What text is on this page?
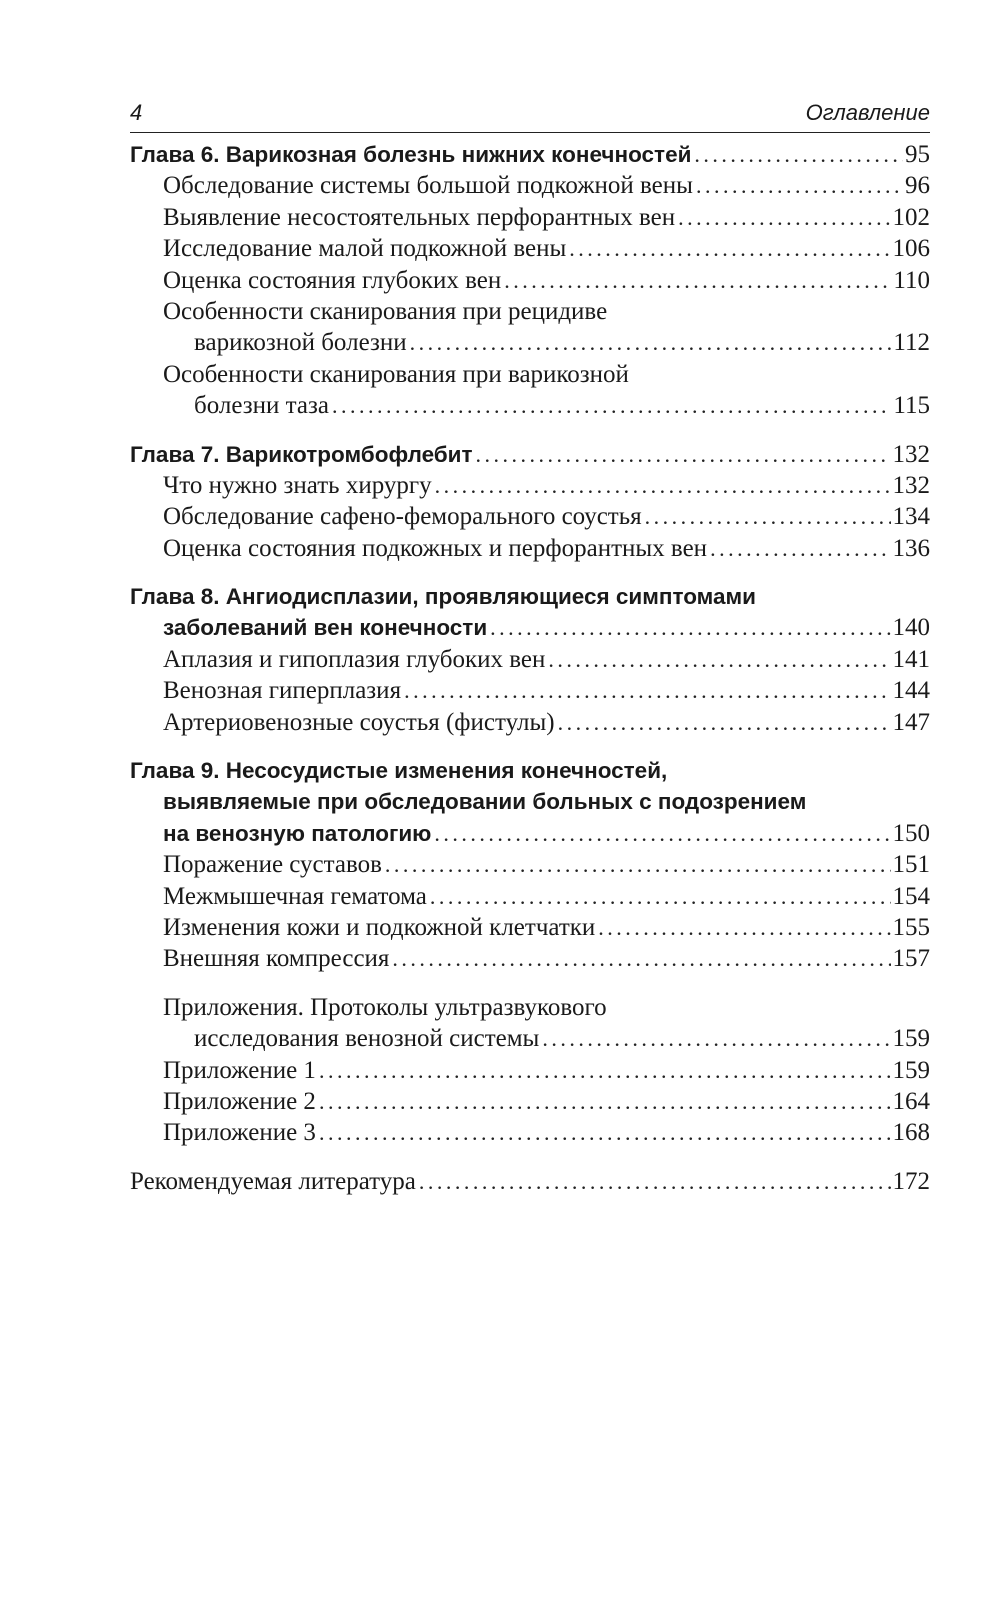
4	Оглавление
Глава 6. Варикозная болезнь нижних конечностей . . .	95
Обследование системы большой подкожной вены . . .	96
Выявление несостоятельных перфорантных вен . . .	102
Исследование малой подкожной вены . . .	106
Оценка состояния глубоких вен . . .	110
Особенности сканирования при рецидиве
варикозной болезни . . .	112
Особенности сканирования при варикозной
болезни таза . . .	115
Глава 7. Варикотромбофлебит . . .	132
Что нужно знать хирургу . . .	132
Обследование сафено-феморального соустья . . .	134
Оценка состояния подкожных и перфорантных вен . . .	136
Глава 8. Ангиодисплазии, проявляющиеся симптомами
заболеваний вен конечности . . .	140
Аплазия и гипоплазия глубоких вен . . .	141
Венозная гиперплазия . . .	144
Артериовенозные соустья (фистулы) . . .	147
Глава 9. Несосудистые изменения конечностей,
выявляемые при обследовании больных с подозрением
на венозную патологию . . .	150
Поражение суставов . . .	151
Межмышечная гематома . . .	154
Изменения кожи и подкожной клетчатки . . .	155
Внешняя компрессия . . .	157
Приложения. Протоколы ультразвукового
исследования венозной системы . . .	159
Приложение 1 . . .	159
Приложение 2 . . .	164
Приложение 3 . . .	168
Рекомендуемая литература . . .	172
